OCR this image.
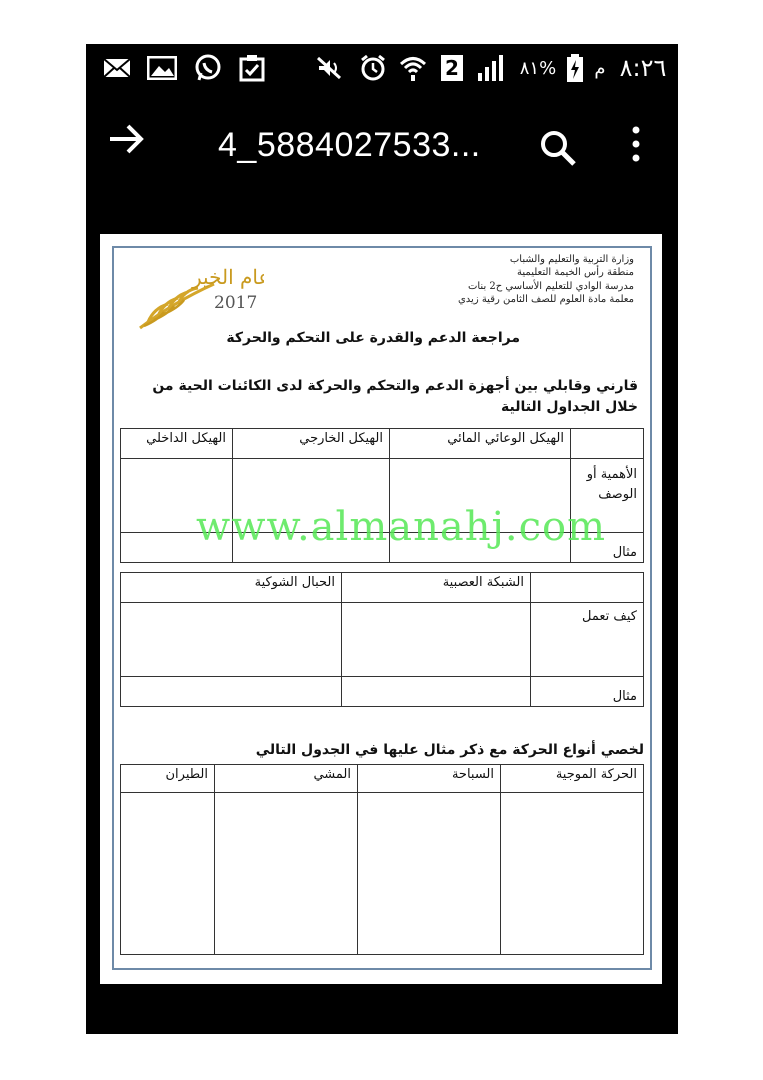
2	٨١%	م ٨:٢٦
4_5884027533...
عام الخير
2017
وزارة التربية والتعليم والشباب
منطقة رأس الخيمة التعليمية
مدرسة الوادي للتعليم الأساسي ح2 بنات
معلمة مادة العلوم للصف الثامن رقية زيدي
مراجعة الدعم والقدرة على التحكم والحركة
قارني وقابلي بين أجهزة الدعم والتحكم والحركة لدى الكائنات الحية من خلال الجداول التالية
	الهيكل الوعائي المائي	الهيكل الخارجي	الهيكل الداخلي
الأهمية أو الوصف			
مثال			
	الشبكة العصبية	الحبال الشوكية
كيف تعمل		
مثال		
لخصي أنواع الحركة مع ذكر مثال عليها في الجدول التالي
الحركة الموجية	السباحة	المشي	الطيران

www.almanahj.com
